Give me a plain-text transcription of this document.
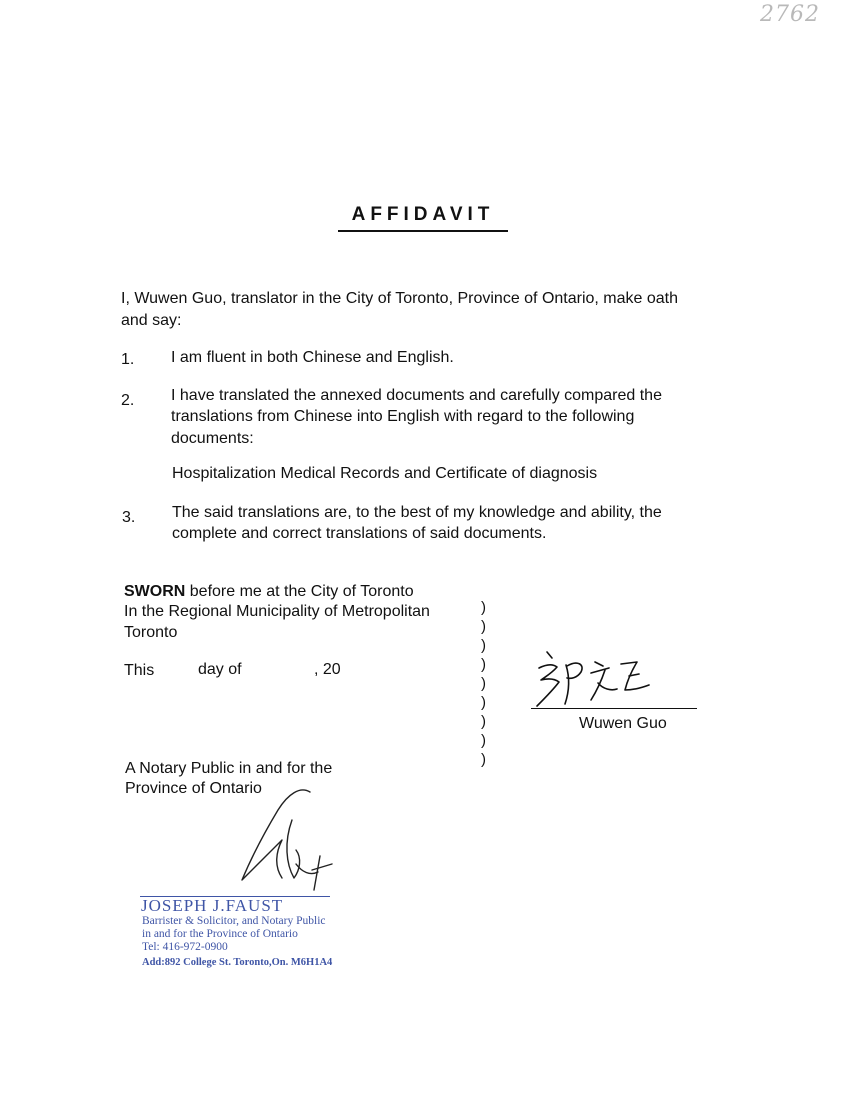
2762
AFFIDAVIT
I, Wuwen Guo, translator in the City of Toronto, Province of Ontario, make oath
and say:
1. I am fluent in both Chinese and English.
2. I have translated the annexed documents and carefully compared the
translations from Chinese into English with regard to the following
documents:
Hospitalization Medical Records and Certificate of diagnosis
3. The said translations are, to the best of my knowledge and ability, the
complete and correct translations of said documents.
SWORN before me at the City of Toronto
In the Regional Municipality of Metropolitan
Toronto
This	day of	, 20
)
)
)
)
)
)
)
)
)
Wuwen Guo
A Notary Public in and for the
Province of Ontario
JOSEPH J.FAUST
Barrister & Solicitor, and Notary Public
in and for the Province of Ontario
Tel: 416-972-0900
Add:892 College St. Toronto,On. M6H1A4
